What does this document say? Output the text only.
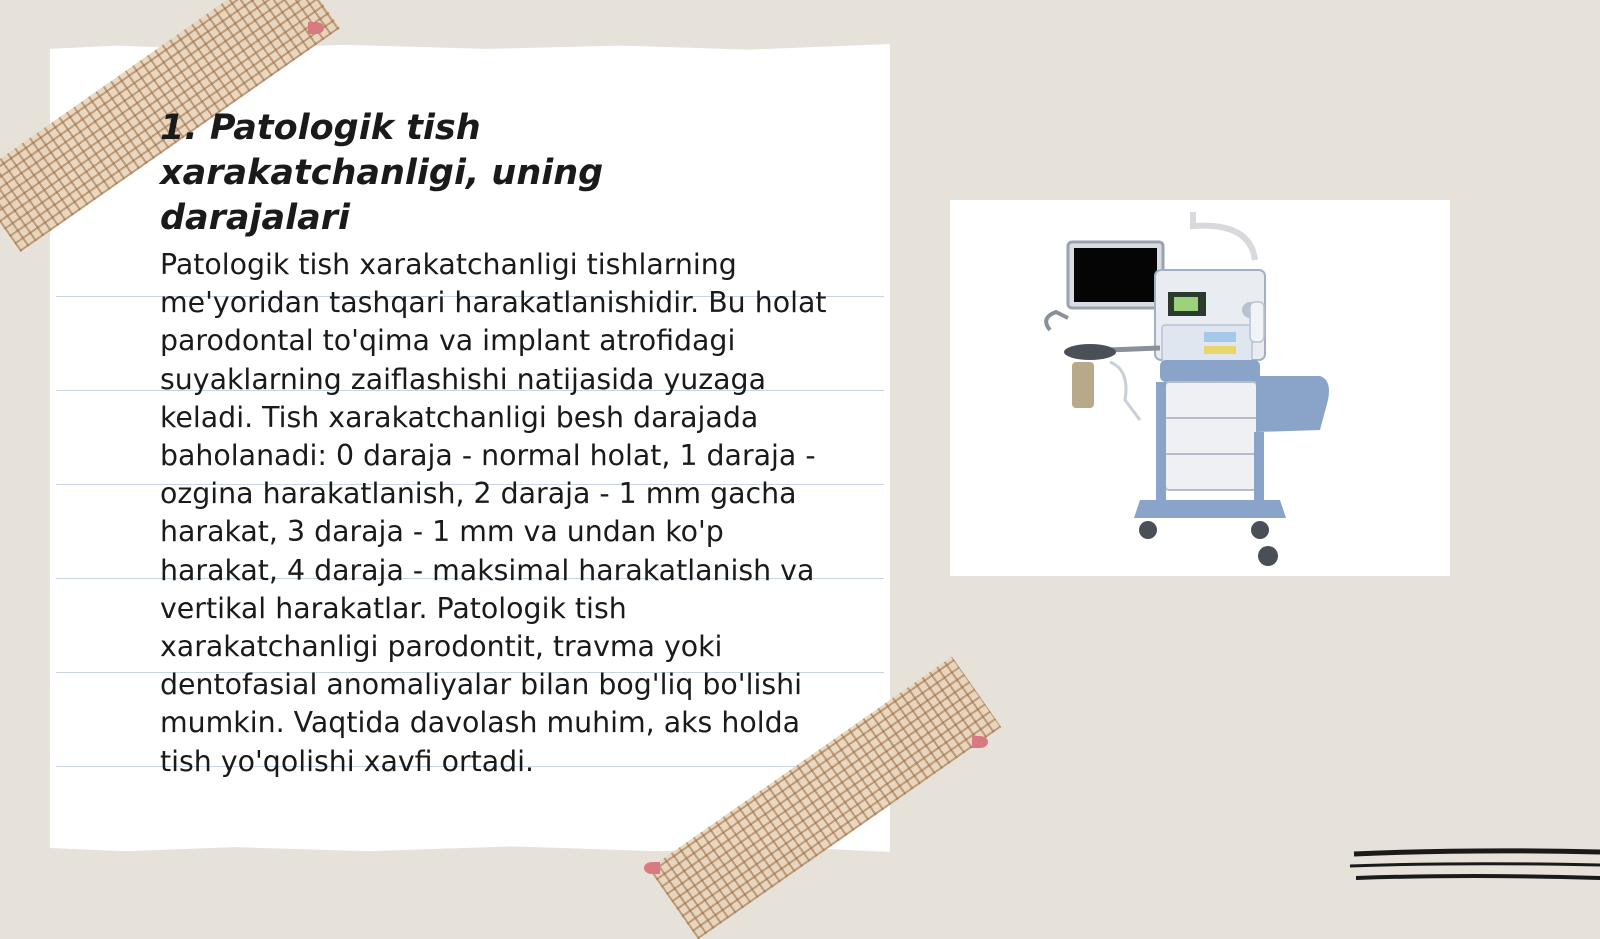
1. Patologik tish xarakatchanligi, uning darajalari

Patologik tish xarakatchanligi tishlarning me'yoridan tashqari harakatlanishidir. Bu holat parodontal to'qima va implant atrofidagi suyaklarning zaiflashishi natijasida yuzaga keladi. Tish xarakatchanligi besh darajada baholanadi: 0 daraja - normal holat, 1 daraja - ozgina harakatlanish, 2 daraja - 1 mm gacha harakat, 3 daraja - 1 mm va undan ko'p harakat, 4 daraja - maksimal harakatlanish va vertikal harakatlar. Patologik tish xarakatchanligi parodontit, travma yoki dentofasial anomaliyalar bilan bog'liq bo'lishi mumkin. Vaqtida davolash muhim, aks holda tish yo'qolishi xavfi ortadi.
